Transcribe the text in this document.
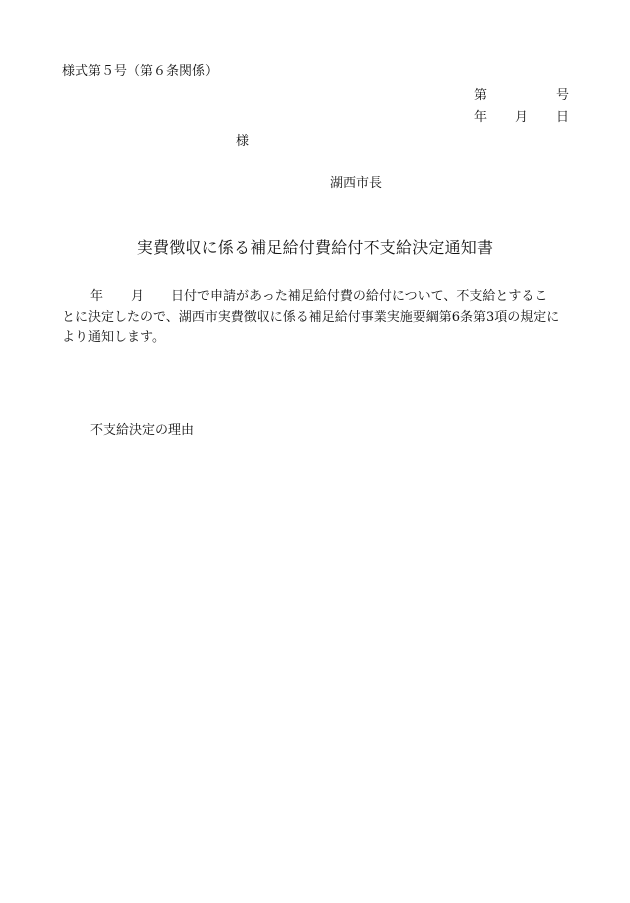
様式第５号（第６条関係）
第	号
年 月 日
様
湖西市長
実費徴収に係る補足給付費給付不支給決定通知書
年 月 日付で申請があった補足給付費の給付について、不支給とするこ
とに決定したので、湖西市実費徴収に係る補足給付事業実施要綱第6条第3項の規定に
より通知します。
不支給決定の理由
